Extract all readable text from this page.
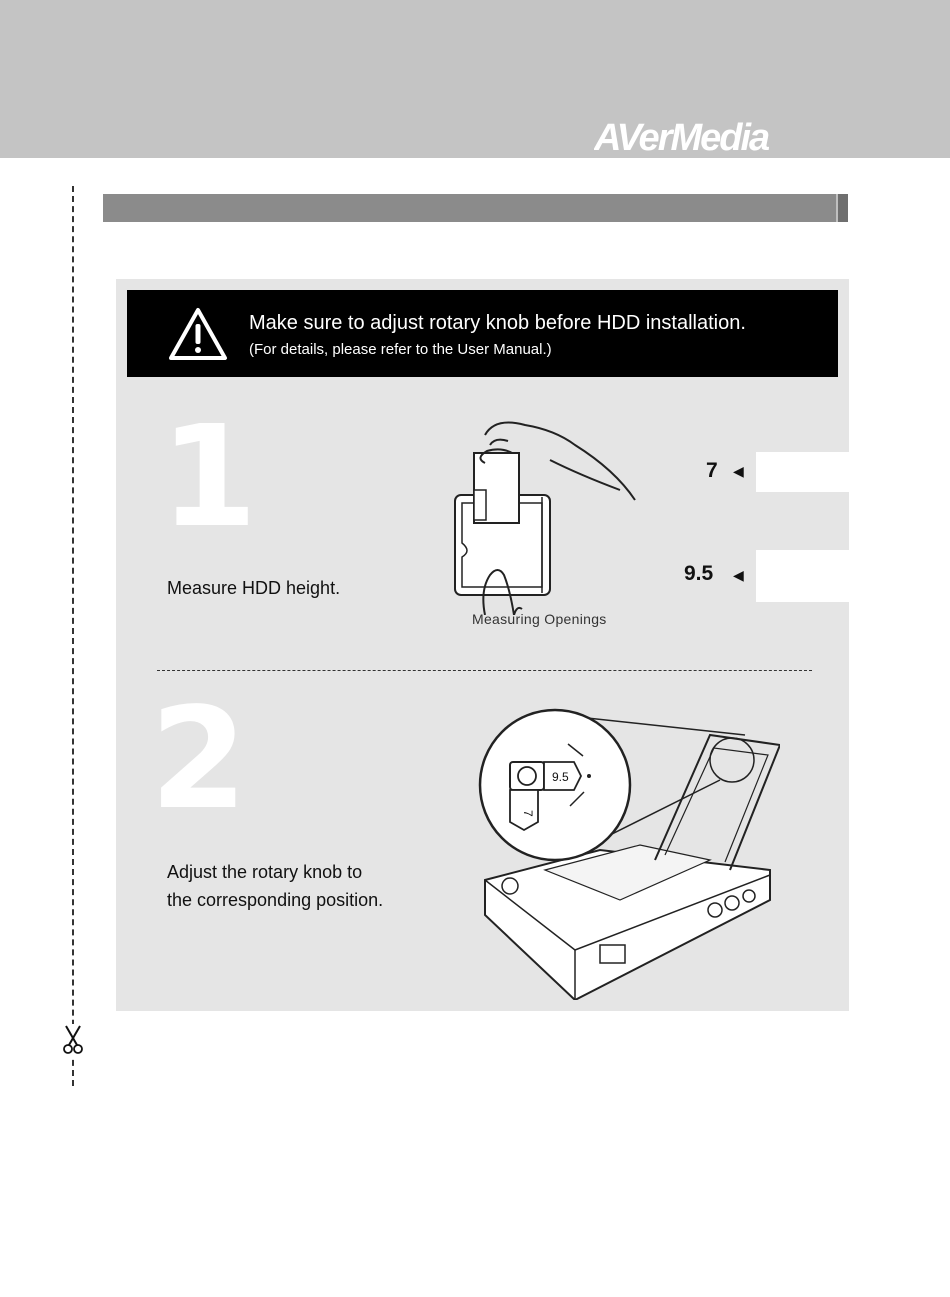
AVerMedia
Make sure to adjust rotary knob before HDD installation.
(For details, please refer to the User Manual.)
1
Measure HDD height.
Measuring Openings
7 ◀
9.5 ◀
2
Adjust the rotary knob to
the corresponding position.
9.5
7
